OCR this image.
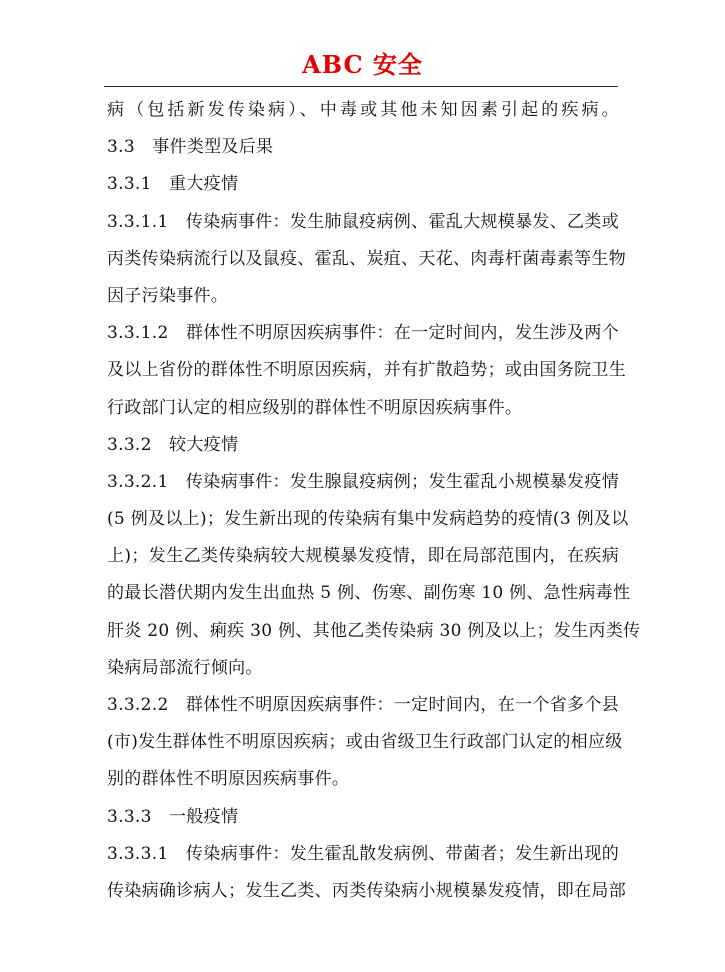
ABC 安全
病（包括新发传染病）、中毒或其他未知因素引起的疾病。
3.3　事件类型及后果
3.3.1　重大疫情
3.3.1.1　传染病事件：发生肺鼠疫病例、霍乱大规模暴发、乙类或
丙类传染病流行以及鼠疫、霍乱、炭疽、天花、肉毒杆菌毒素等生物
因子污染事件。
3.3.1.2　群体性不明原因疾病事件：在一定时间内，发生涉及两个
及以上省份的群体性不明原因疾病，并有扩散趋势；或由国务院卫生
行政部门认定的相应级别的群体性不明原因疾病事件。
3.3.2　较大疫情
3.3.2.1　传染病事件：发生腺鼠疫病例；发生霍乱小规模暴发疫情
(5 例及以上)；发生新出现的传染病有集中发病趋势的疫情(3 例及以
上)；发生乙类传染病较大规模暴发疫情，即在局部范围内，在疾病
的最长潜伏期内发生出血热 5 例、伤寒、副伤寒 10 例、急性病毒性
肝炎 20 例、痢疾 30 例、其他乙类传染病 30 例及以上；发生丙类传
染病局部流行倾向。
3.3.2.2　群体性不明原因疾病事件：一定时间内，在一个省多个县
(市)发生群体性不明原因疾病；或由省级卫生行政部门认定的相应级
别的群体性不明原因疾病事件。
3.3.3　一般疫情
3.3.3.1　传染病事件：发生霍乱散发病例、带菌者；发生新出现的
传染病确诊病人；发生乙类、丙类传染病小规模暴发疫情，即在局部
